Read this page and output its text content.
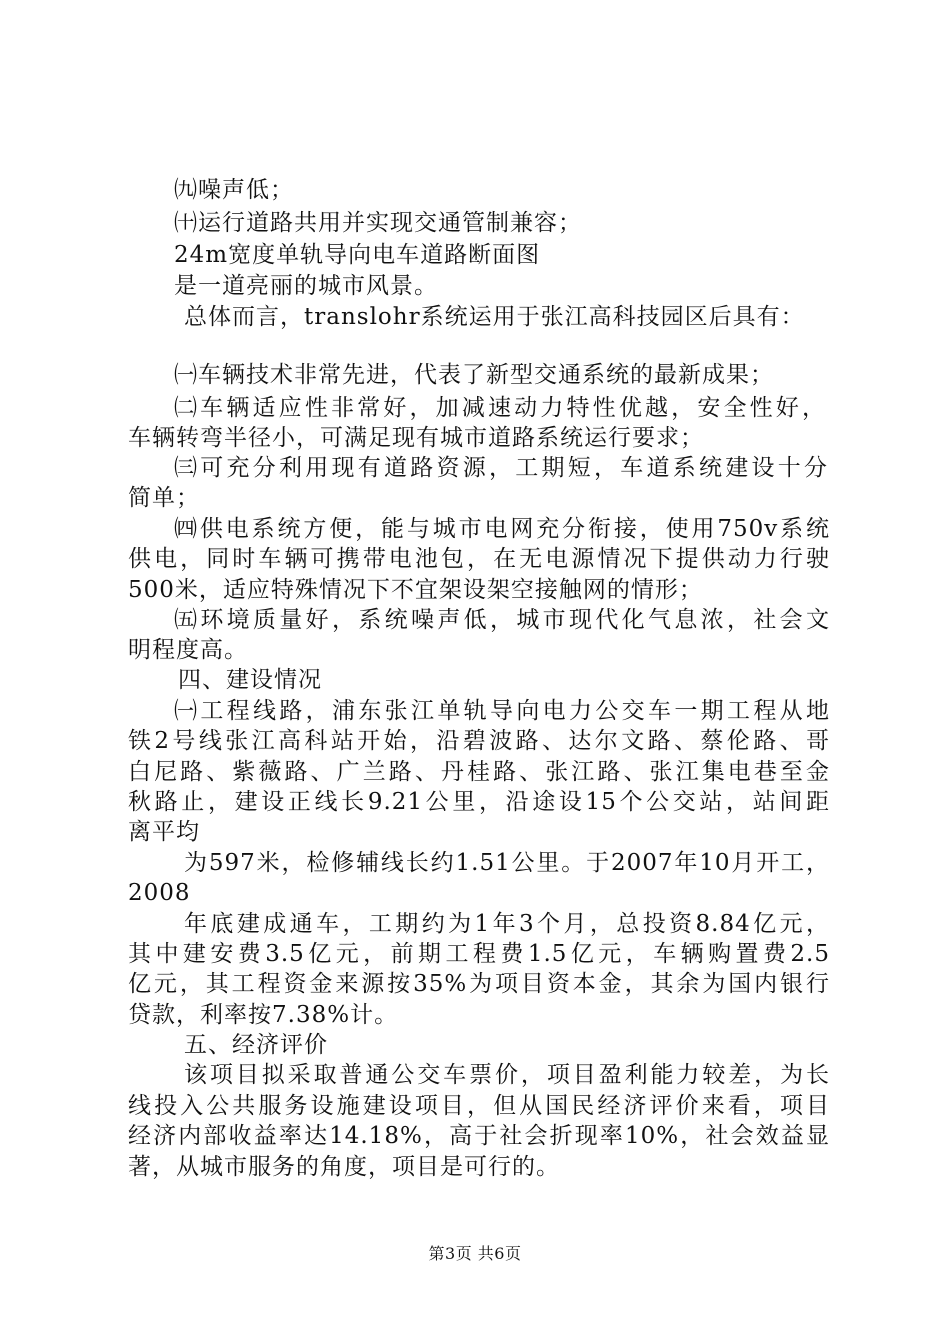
㈨噪声低；
㈩运行道路共用并实现交通管制兼容；
24m宽度单轨导向电车道路断面图
是一道亮丽的城市风景。
总体而言，translohr系统运用于张江高科技园区后具有：
㈠车辆技术非常先进，代表了新型交通系统的最新成果；
㈡车辆适应性非常好，加减速动力特性优越，安全性好，
车辆转弯半径小，可满足现有城市道路系统运行要求；
㈢可充分利用现有道路资源，工期短，车道系统建设十分
简单；
㈣供电系统方便，能与城市电网充分衔接，使用750v系统
供电，同时车辆可携带电池包，在无电源情况下提供动力行驶
500米，适应特殊情况下不宜架设架空接触网的情形；
㈤环境质量好，系统噪声低，城市现代化气息浓，社会文
明程度高。
四、建设情况
㈠工程线路，浦东张江单轨导向电力公交车一期工程从地
铁2号线张江高科站开始，沿碧波路、达尔文路、蔡伦路、哥
白尼路、紫薇路、广兰路、丹桂路、张江路、张江集电巷至金
秋路止，建设正线长9.21公里，沿途设15个公交站，站间距
离平均
为597米，检修辅线长约1.51公里。于2007年10月开工，
2008
年底建成通车，工期约为1年3个月，总投资8.84亿元，
其中建安费3.5亿元，前期工程费1.5亿元，车辆购置费2.5
亿元，其工程资金来源按35%为项目资本金，其余为国内银行
贷款，利率按7.38%计。
五、经济评价
该项目拟采取普通公交车票价，项目盈利能力较差，为长
线投入公共服务设施建设项目，但从国民经济评价来看，项目
经济内部收益率达14.18%，高于社会折现率10%，社会效益显
著，从城市服务的角度，项目是可行的。
第3页 共6页
